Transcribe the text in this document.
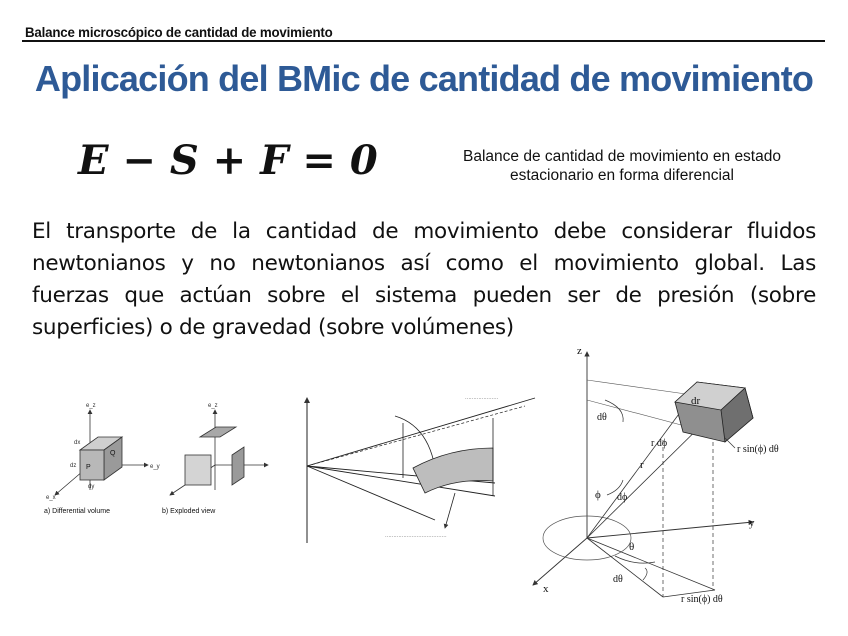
Balance microscópico de cantidad de movimiento
Aplicación del BMic de cantidad de movimiento
E − S + F = 0	Balance de cantidad de movimiento en estado estacionario en forma diferencial
El transporte de la cantidad de movimiento debe considerar fluidos newtonianos y no newtonianos así como el movimiento global. Las fuerzas que actúan sobre el sistema pueden ser de presión (sobre superficies) o de gravedad (sobre volúmenes)
P
Q
dz
dy
dx
e_z
e_y
e_x
a) Differential volume
e_z
b) Exploded view
·····································
····················
z
y
x
dr
r dϕ
r sin(ϕ) dθ
r
dθ
ϕ dϕ
θ
dθ
r sin(ϕ) dθ
